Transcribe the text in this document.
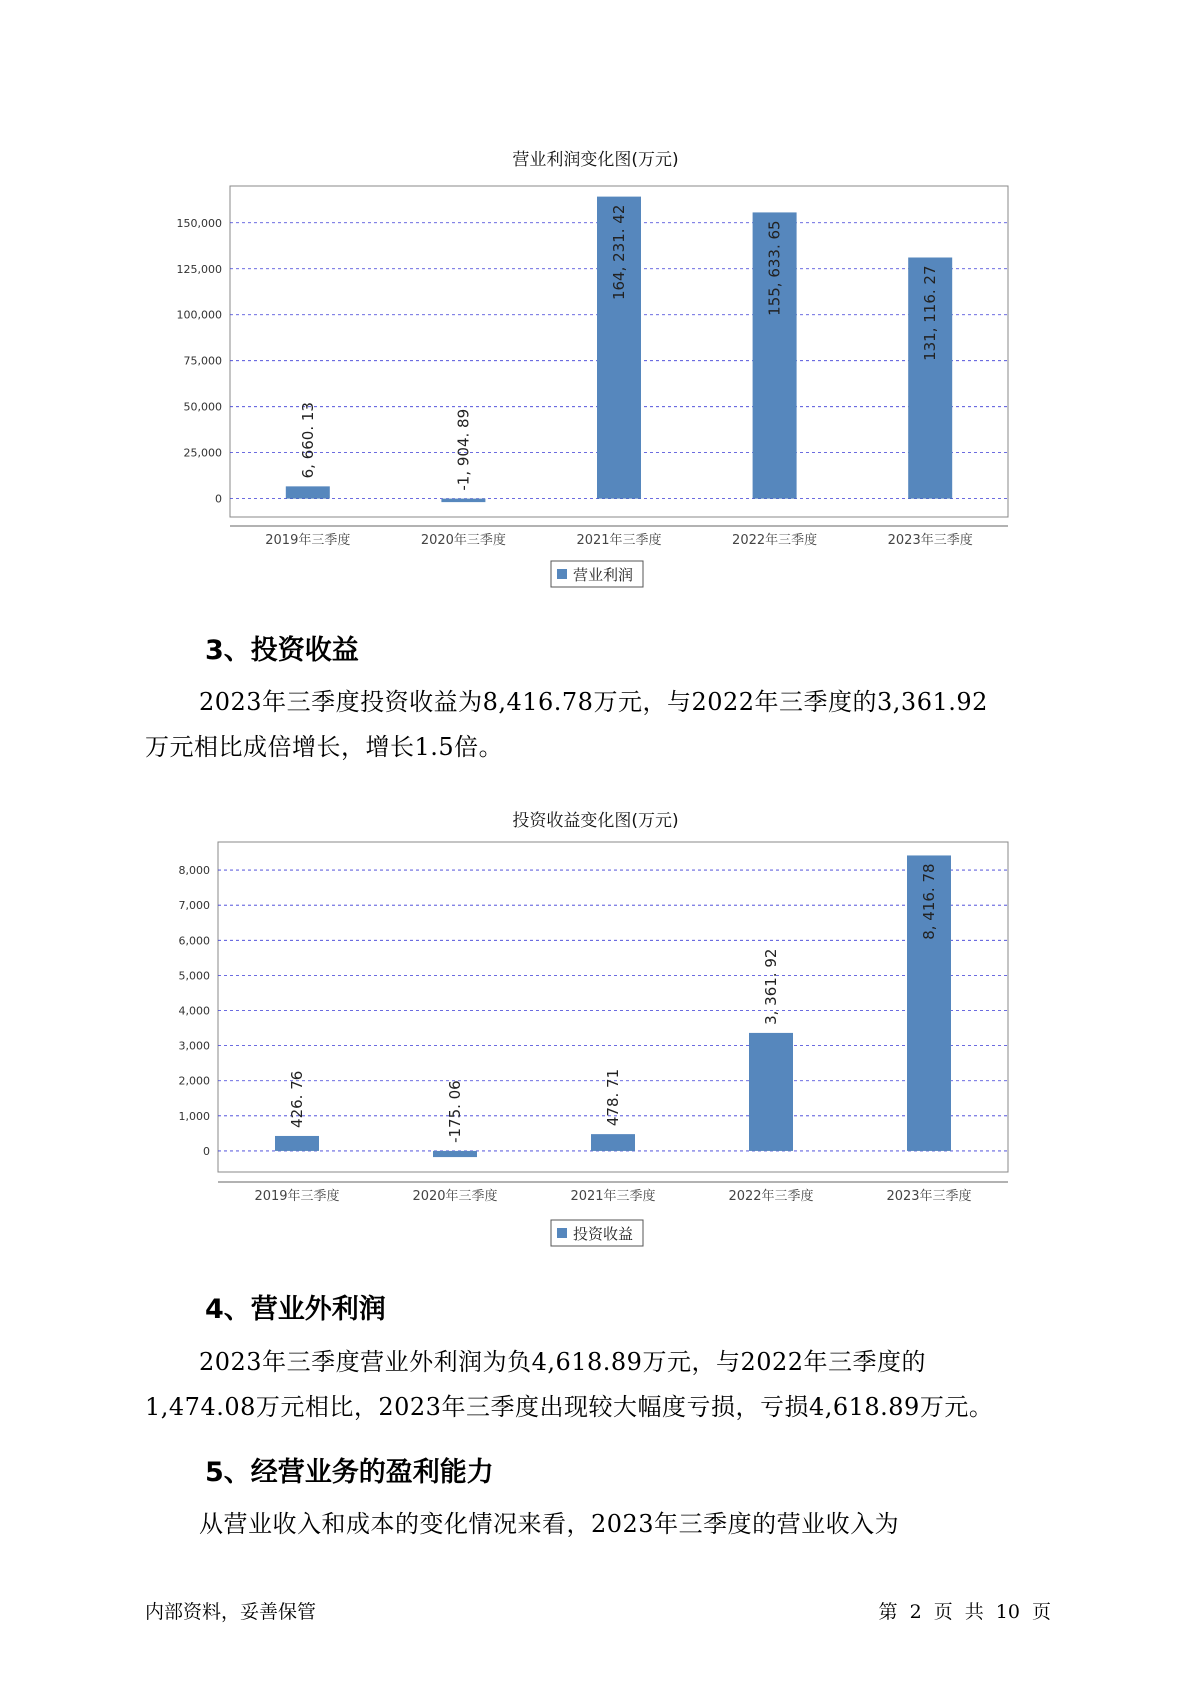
营业利润变化图(万元)
0
25,000
50,000
75,000
100,000
125,000
150,000
6, 660. 13
2019年三季度
-1, 904. 89
2020年三季度
164, 231. 42
2021年三季度
155, 633. 65
2022年三季度
131, 116. 27
2023年三季度
营业利润
3、投资收益

2023年三季度投资收益为8,416.78万元，与2022年三季度的3,361.92
万元相比成倍增长，增长1.5倍。

投资收益变化图(万元)
0
1,000
2,000
3,000
4,000
5,000
6,000
7,000
8,000
426. 76
2019年三季度
-175. 06
2020年三季度
478. 71
2021年三季度
3, 361. 92
2022年三季度
8, 416. 78
2023年三季度
投资收益
4、营业外利润

2023年三季度营业外利润为负4,618.89万元，与2022年三季度的
1,474.08万元相比，2023年三季度出现较大幅度亏损，亏损4,618.89万元。

5、经营业务的盈利能力

从营业收入和成本的变化情况来看，2023年三季度的营业收入为

内部资料，妥善保管	第 2 页 共 10 页
